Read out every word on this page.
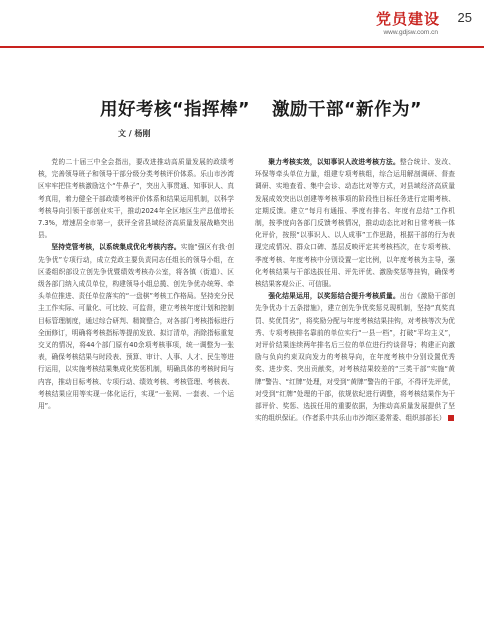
党员建设
www.gdjsw.com.cn
25
用好考核“指挥棒” 激励干部“新作为”
文 / 杨刚

党的二十届三中全会指出，要改进推动高质量发展的政绩考核，完善领导班子和领导干部分级分类考核评价体系。乐山市沙湾区牢牢把住考核激励这个“牛鼻子”，突出入事贯通、知事识人、真考真用，着力健全干部政绩考核评价体系和结果运用机制，以科学考核导向引领干部创业实干，推动2024年全区地区生产总值增长7.3%，增速居全市第一，获评全省县域经济高质量发展战略突出县。

坚持党管考核，以系统集成优化考核内容。实施“强区有我·创先争优”专项行动，成立党政主要负责同志任组长的领导小组，在区委组织部设立创先争优暨绩效考核办公室，将各镇（街道）、区级各部门纳入成员单位，构建领导小组总揽、创先争优办统筹、牵头单位推进、责任单位落实的“一盘棋”考核工作格局。坚持充分民主工作实际、可量化、可比较、可监督，建立考核年度计划和控制目标管理制度，通过综合研判、精简整合，对各部门考核指标进行全面修订，明确将考核指标等提前发放、拟订清单，消除指标重复交叉的情况，将44个部门原有40余项考核事项，统一调整为一张表，确保考核结果与时段表、预算、审计、人事、人才、民生等进行运用，以实施考核结果集成化奖惩机制，明确具体的考核时间与内容，推动目标考核、专项行动、绩效考核、考核管理、考核表、考核结果应用等实现一体化运行，实现“一张网、一套表、一个运用”。

聚力考核实效，以知事识人改进考核方法。整合统计、发改、环保等牵头单位力量，组建专项考核组，综合运用解剖调研、督查调研、实地查看、集中会诊、动态比对等方式，对县域经济高质量发展成效突出以创建等考核事项的阶段性目标任务进行定期考核、定期反馈。建立“每月有通报、季度有排名、年度有总结”工作机制，按季度向各部门反馈考核情况，推动动态比对和日常考核一体化评价，按照“以事识人、以人成事”工作思路，根据干部的行为表现完成情况、群众口碑、基层反映评定其考核档次，在专项考核、季度考核、年度考核中分别设置一定比例，以年度考核为主导，强化考核结果与干部选拔任用、评先评优、激励奖惩等挂钩，确保考核结果客观公正、可信服。

强化结果运用，以奖惩结合提升考核质量。出台《激励干部创先争优办十五条措施》，建立创先争优奖惩兑现机制，坚持“真奖真罚、奖优罚劣”，将奖励分配与年度考核结果挂钩，对考核等次为优秀、专项考核排名靠前的单位实行“一县一档”，打破“平均主义”，对评价结果连续两年排名后三位的单位进行约谈督导；构建正向激励与负向约束双向发力的考核导向，在年度考核中分别设置优秀奖、进步奖、突出贡献奖，对考核结果较差的“三类干部”实施“黄牌”警告、“红牌”处理，对受到“黄牌”警告的干部，不得评先评优，对受到“红牌”处理的干部，依规依纪进行调整，将考核结果作为干部评价、奖惩、选拔任用的重要依据，为推动高质量发展提供了坚实的组织保证。（作者系中共乐山市沙湾区委常委、组织部部长）
